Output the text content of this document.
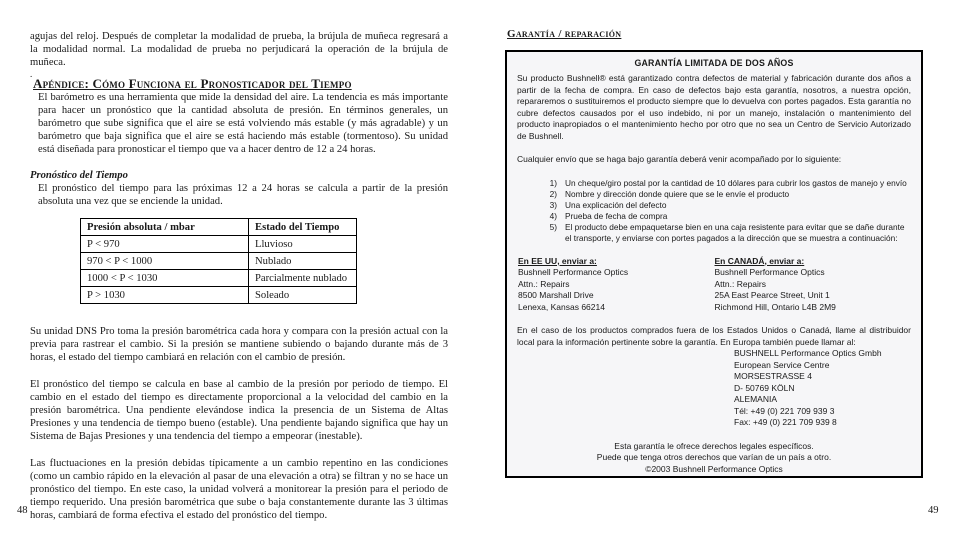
agujas del reloj. Después de completar la modalidad de prueba, la brújula de muñeca regresará a la modalidad normal. La modalidad de prueba no perjudicará la operación de la brújula de muñeca.

.
Apéndice: Cómo Funciona el Pronosticador del Tiempo

El barómetro es una herramienta que mide la densidad del aire. La tendencia es más importante para hacer un pronóstico que la cantidad absoluta de presión. En términos generales, un barómetro que sube significa que el aire se está volviendo más estable (y más agradable) y un barómetro que baja significa que el aire se está haciendo más estable (tormentoso). Su unidad está diseñada para pronosticar el tiempo que va a hacer dentro de 12 a 24 horas.

Pronóstico del Tiempo

El pronóstico del tiempo para las próximas 12 a 24 horas se calcula a partir de la presión absoluta una vez que se enciende la unidad.

Presión absoluta / mbar	Estado del Tiempo
P < 970	Lluvioso
970 < P < 1000	Nublado
1000 < P < 1030	Parcialmente nublado
P > 1030	Soleado

Su unidad DNS Pro toma la presión barométrica cada hora y compara con la presión actual con la previa para rastrear el cambio. Si la presión se mantiene subiendo o bajando durante más de 3 horas, el estado del tiempo cambiará en relación con el cambio de presión.

El pronóstico del tiempo se calcula en base al cambio de la presión por periodo de tiempo. El cambio en el estado del tiempo es directamente proporcional a la velocidad del cambio en la presión barométrica. Una pendiente elevándose indica la presencia de un Sistema de Altas Presiones y una tendencia de tiempo bueno (estable). Una pendiente bajando significa que hay un Sistema de Bajas Presiones y una tendencia del tiempo a empeorar (inestable).

Las fluctuaciones en la presión debidas típicamente a un cambio repentino en las condiciones (como un cambio rápido en la elevación al pasar de una elevación a otra) se filtran y no se hace un pronóstico del tiempo. En este caso, la unidad volverá a monitorear la presión para el periodo de tiempo requerido. Una presión barométrica que sube o baja constantemente durante las 3 últimas horas, cambiará de forma efectiva el estado del pronóstico del tiempo.

48
Garantía / reparación
GARANTÍA LIMITADA DE DOS AÑOS

Su producto Bushnell® está garantizado contra defectos de material y fabricación durante dos años a partir de la fecha de compra. En caso de defectos bajo esta garantía, nosotros, a nuestra opción, repararemos o sustituiremos el producto siempre que lo devuelva con portes pagados. Esta garantía no cubre defectos causados por el uso indebido, ni por un manejo, instalación o mantenimiento del producto inapropiados o el mantenimiento hecho por otro que no sea un Centro de Servicio Autorizado de Bushnell.

Cualquier envío que se haga bajo garantía deberá venir acompañado por lo siguiente:

1) Un cheque/giro postal por la cantidad de 10 dólares para cubrir los gastos de manejo y envío
2) Nombre y dirección donde quiere que se le envíe el producto
3) Una explicación del defecto
4) Prueba de fecha de compra
5) El producto debe empaquetarse bien en una caja resistente para evitar que se dañe durante el transporte, y enviarse con portes pagados a la dirección que se muestra a continuación:
En EE UU, enviar a:
Bushnell Performance Optics
Attn.: Repairs
8500 Marshall Drive
Lenexa, Kansas 66214
En CANADÁ, enviar a:
Bushnell Performance Optics
Attn.: Repairs
25A East Pearce Street, Unit 1
Richmond Hill, Ontario L4B 2M9

En el caso de los productos comprados fuera de los Estados Unidos o Canadá, llame al distribuidor local para la información pertinente sobre la garantía. En Europa también puede llamar al:

BUSHNELL Performance Optics Gmbh
European Service Centre
MORSESTRASSE 4
D- 50769 KÖLN
ALEMANIA
Tél: +49 (0) 221 709 939 3
Fax: +49 (0) 221 709 939 8

Esta garantía le ofrece derechos legales específicos.
Puede que tenga otros derechos que varían de un país a otro.
©2003 Bushnell Performance Optics

49
